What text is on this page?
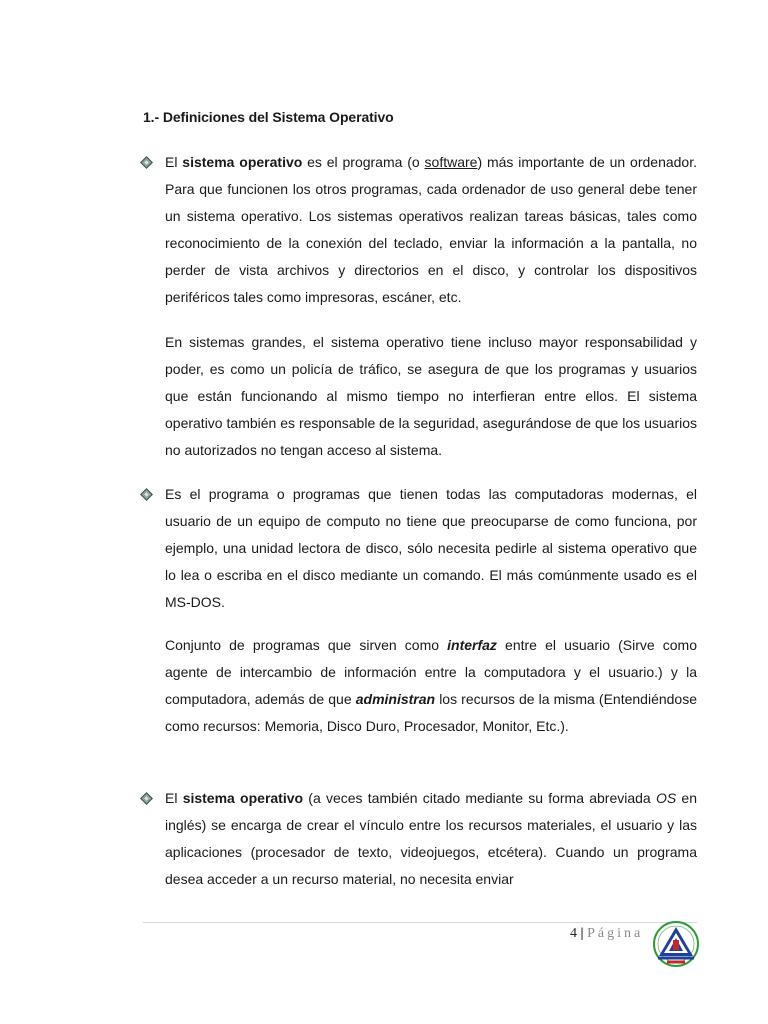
1.- Definiciones del Sistema Operativo

El sistema operativo es el programa (o software) más importante de un ordenador. Para que funcionen los otros programas, cada ordenador de uso general debe tener un sistema operativo. Los sistemas operativos realizan tareas básicas, tales como reconocimiento de la conexión del teclado, enviar la información a la pantalla, no perder de vista archivos y directorios en el disco, y controlar los dispositivos periféricos tales como impresoras, escáner, etc.

En sistemas grandes, el sistema operativo tiene incluso mayor responsabilidad y poder, es como un policía de tráfico, se asegura de que los programas y usuarios que están funcionando al mismo tiempo no interfieran entre ellos. El sistema operativo también es responsable de la seguridad, asegurándose de que los usuarios no autorizados no tengan acceso al sistema.

Es el programa o programas que tienen todas las computadoras modernas, el usuario de un equipo de computo no tiene que preocuparse de como funciona, por ejemplo, una unidad lectora de disco, sólo necesita pedirle al sistema operativo que lo lea o escriba en el disco mediante un comando. El más comúnmente usado es el MS-DOS.

Conjunto de programas que sirven como interfaz entre el usuario (Sirve como agente de intercambio de información entre la computadora y el usuario.) y la computadora, además de que administran los recursos de la misma (Entendiéndose como recursos: Memoria, Disco Duro, Procesador, Monitor, Etc.).

El sistema operativo (a veces también citado mediante su forma abreviada OS en inglés) se encarga de crear el vínculo entre los recursos materiales, el usuario y las aplicaciones (procesador de texto, videojuegos, etcétera). Cuando un programa desea acceder a un recurso material, no necesita enviar

4 | Página
